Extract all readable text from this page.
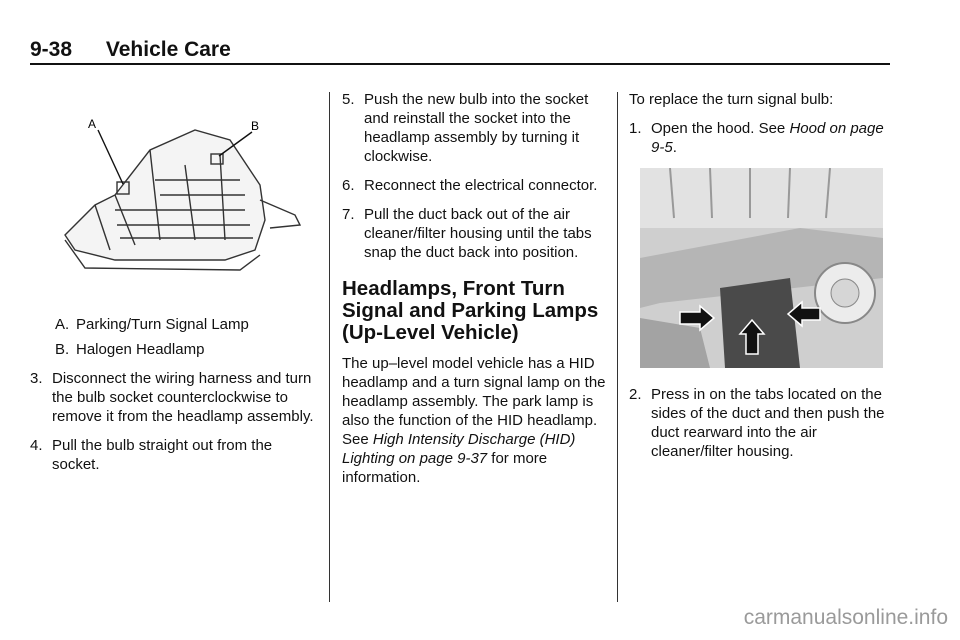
9-38 Vehicle Care
A	B
A. Parking/Turn Signal Lamp
B. Halogen Headlamp
3. Disconnect the wiring harness and turn the bulb socket counterclockwise to remove it from the headlamp assembly.
4. Pull the bulb straight out from the socket.
5. Push the new bulb into the socket and reinstall the socket into the headlamp assembly by turning it clockwise.
6. Reconnect the electrical connector.
7. Pull the duct back out of the air cleaner/filter housing until the tabs snap the duct back into position.
Headlamps, Front Turn Signal and Parking Lamps (Up-Level Vehicle)

The up–level model vehicle has a HID headlamp and a turn signal lamp on the headlamp assembly. The park lamp is also the function of the HID headlamp. See High Intensity Discharge (HID) Lighting on page 9-37 for more information.

To replace the turn signal bulb:

1. Open the hood. See Hood on page 9-5.
2. Press in on the tabs located on the sides of the duct and then push the duct rearward into the air cleaner/filter housing.
carmanualsonline.info
